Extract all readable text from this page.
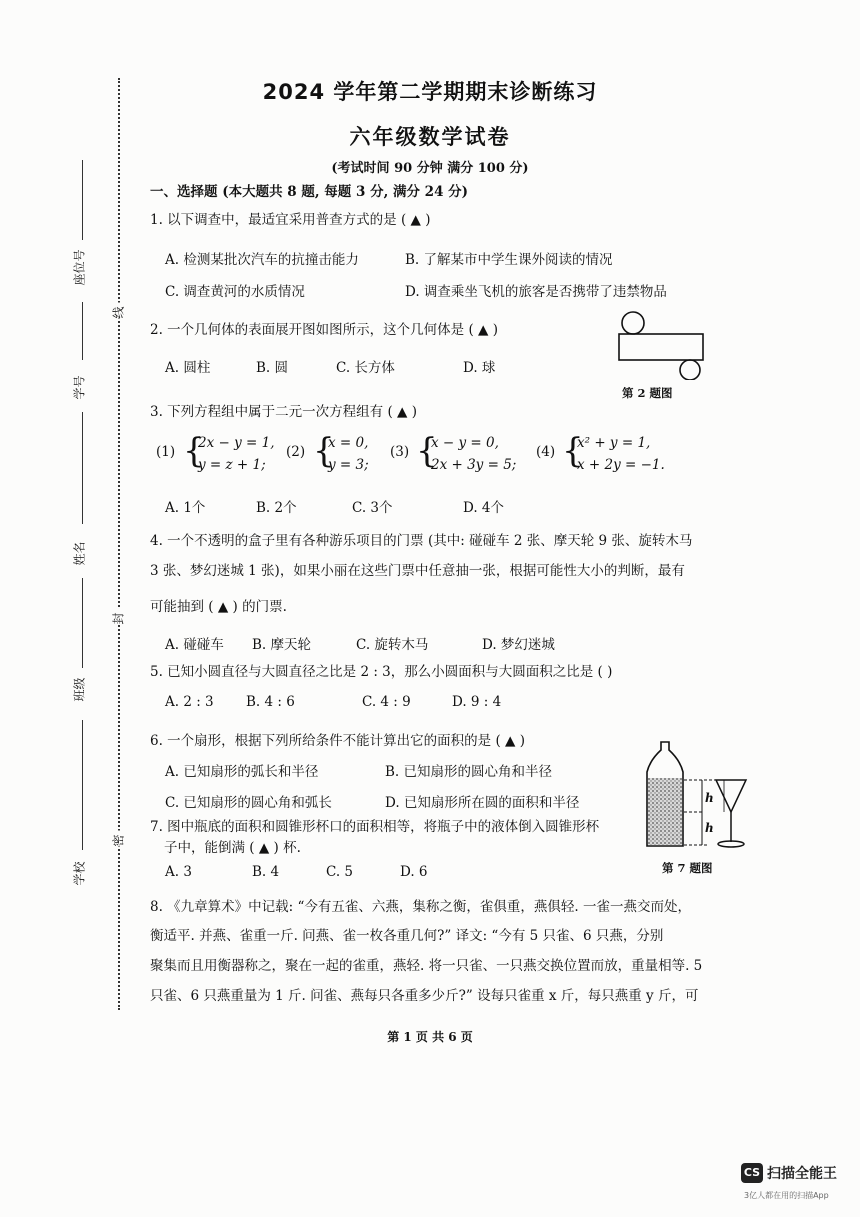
座位号
学号
姓名
班级
学校
线
封
密
2024 学年第二学期期末诊断练习
六年级数学试卷
(考试时间 90 分钟 满分 100 分)
一、选择题 (本大题共 8 题, 每题 3 分, 满分 24 分)
1. 以下调查中，最适宜采用普查方式的是 ( ▲ )
A. 检测某批次汽车的抗撞击能力	B. 了解某市中学生课外阅读的情况
C. 调查黄河的水质情况	D. 调查乘坐飞机的旅客是否携带了违禁物品
2. 一个几何体的表面展开图如图所示，这个几何体是 ( ▲ )
A. 圆柱	B. 圆	C. 长方体	D. 球
第 2 题图
3. 下列方程组中属于二元一次方程组有 ( ▲ )
(1) {
2x − y = 1,
y = z + 1;
(2) {
x = 0,
y = 3;
(3) {
x − y = 0,
2x + 3y = 5;
(4) {
x² + y = 1,
x + 2y = −1.
A. 1个	B. 2个	C. 3个	D. 4个
4. 一个不透明的盒子里有各种游乐项目的门票 (其中: 碰碰车 2 张、摩天轮 9 张、旋转木马
3 张、梦幻迷城 1 张)，如果小丽在这些门票中任意抽一张，根据可能性大小的判断，最有
可能抽到 ( ▲ ) 的门票.
A. 碰碰车 B. 摩天轮	C. 旋转木马	D. 梦幻迷城
5. 已知小圆直径与大圆直径之比是 2 : 3，那么小圆面积与大圆面积之比是 ( )
A. 2 : 3 B. 4 : 6	C. 4 : 9	D. 9 : 4
6. 一个扇形，根据下列所给条件不能计算出它的面积的是 ( ▲ )
A. 已知扇形的弧长和半径	B. 已知扇形的圆心角和半径
C. 已知扇形的圆心角和弧长	D. 已知扇形所在圆的面积和半径
7. 图中瓶底的面积和圆锥形杯口的面积相等，将瓶子中的液体倒入圆锥形杯
子中，能倒满 ( ▲ ) 杯.
A. 3	B. 4	C. 5	D. 6
h
h
第 7 题图
8. 《九章算术》中记载: “今有五雀、六燕，集称之衡，雀俱重，燕俱轻. 一雀一燕交而处，
衡适平. 并燕、雀重一斤. 问燕、雀一枚各重几何?” 译文: “今有 5 只雀、6 只燕，分别
聚集而且用衡器称之，聚在一起的雀重，燕轻. 将一只雀、一只燕交换位置而放，重量相等. 5
只雀、6 只燕重量为 1 斤. 问雀、燕每只各重多少斤?” 设每只雀重 x 斤，每只燕重 y 斤，可
第 1 页 共 6 页
CS 扫描全能王
3亿人都在用的扫描App
